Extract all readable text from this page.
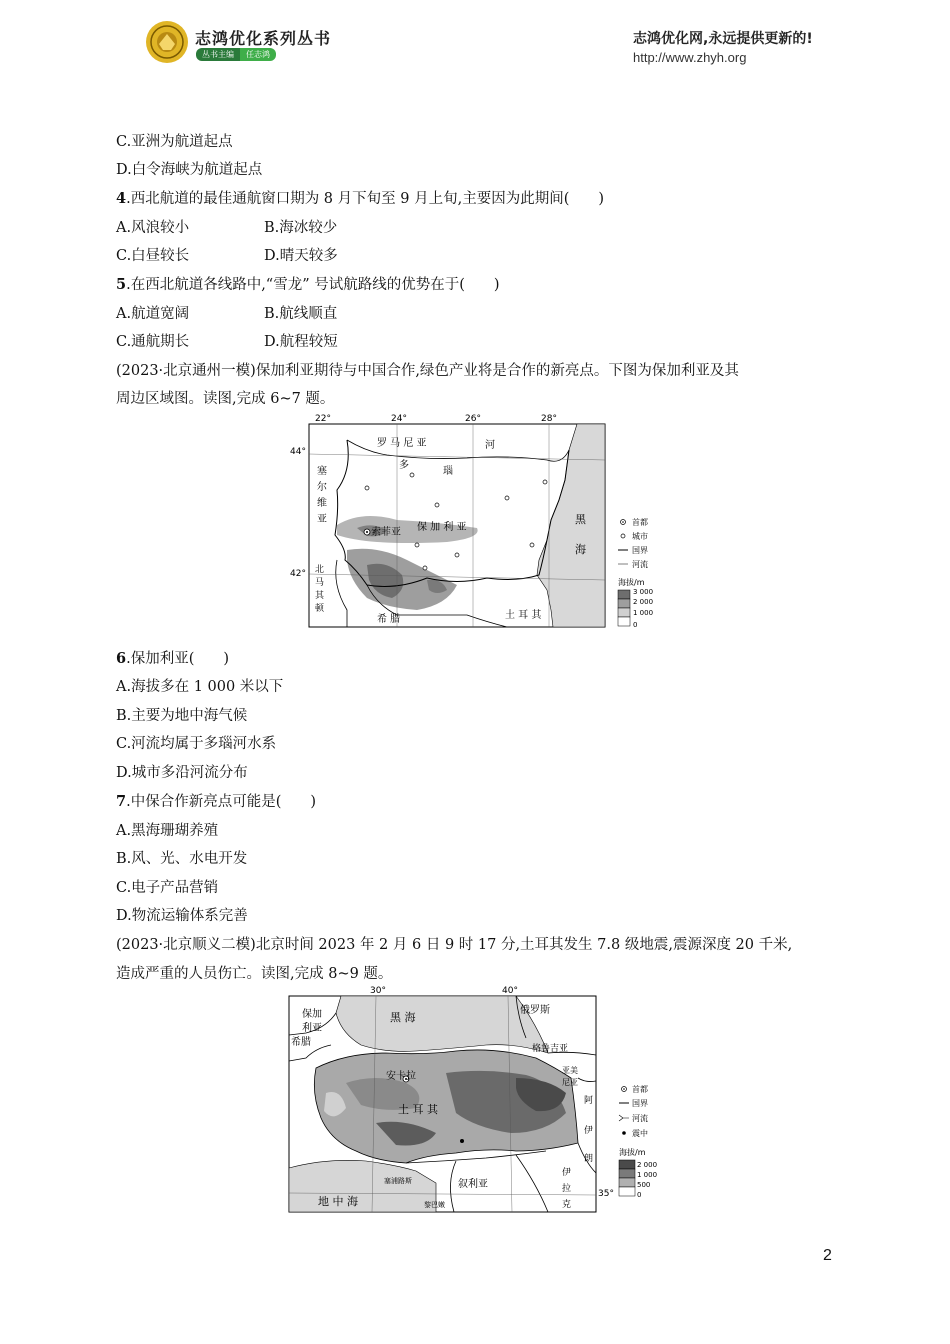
志鸿优化系列丛书
丛书主编 任志鸿
志鸿优化网,永远提供更新的!
http://www.zhyh.org
C.亚洲为航道起点
D.白令海峡为航道起点
4.西北航道的最佳通航窗口期为 8 月下旬至 9 月上旬,主要因为此期间(　　)
A.风浪较小	B.海冰较少
C.白昼较长	D.晴天较多
5.在西北航道各线路中,“雪龙” 号试航路线的优势在于(　　)
A.航道宽阔	B.航线顺直
C.通航期长	D.航程较短
(2023·北京通州一模)保加利亚期待与中国合作,绿色产业将是合作的新亮点。下图为保加利亚及其
周边区域图。读图,完成 6~7 题。
22°	24°	26°	28°
44°
42°
罗 马 尼 亚	河
多
瑙
塞
尔
维
亚
索菲亚 保 加 利 亚
黑
海
北
马
其
顿
希 腊	土 耳 其
首都
城市
国界
河流
海拔/m
3 000
2 000
1 000
0
6.保加利亚(　　)
A.海拔多在 1 000 米以下
B.主要为地中海气候
C.河流均属于多瑙河水系
D.城市多沿河流分布
7.中保合作新亮点可能是(　　)
A.黑海珊瑚养殖
B.风、光、水电开发
C.电子产品营销
D.物流运输体系完善
(2023·北京顺义二模)北京时间 2023 年 2 月 6 日 9 时 17 分,土耳其发生 7.8 级地震,震源深度 20 千米,
造成严重的人员伤亡。读图,完成 8~9 题。
30°	40°
保加
利亚
黑 海
俄罗斯
希腊
格鲁吉亚
亚美
尼亚
阿
安卡拉
土 耳 其
伊
朗
塞浦路斯	叙利亚
伊
拉
克
地 中 海	黎巴嫩
35°
首都
国界
河流
震中
海拔/m
2 000
1 000
500
0
2
